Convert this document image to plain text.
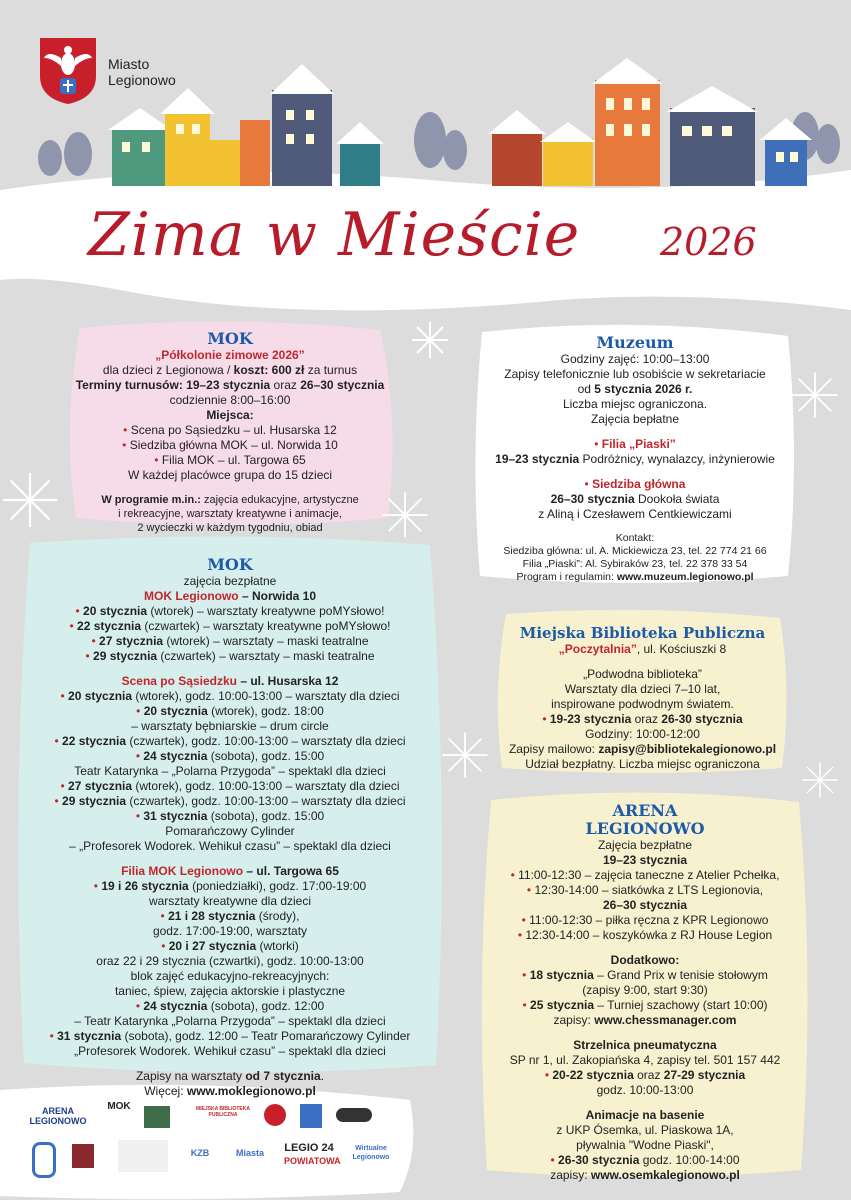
Miasto
Legionowo
Zima w Mieście 2026
MOK
„Półkolonie zimowe 2026”
dla dzieci z Legionowa / koszt: 600 zł za turnus
Terminy turnusów: 19–23 stycznia oraz 26–30 stycznia
codziennie 8:00–16:00
Miejsca:
• Scena po Sąsiedzku – ul. Husarska 12
• Siedziba główna MOK – ul. Norwida 10
• Filia MOK – ul. Targowa 65
W każdej placówce grupa do 15 dzieci
W programie m.in.: zajęcia edukacyjne, artystyczne
i rekreacyjne, warsztaty kreatywne i animacje,
2 wycieczki w każdym tygodniu, obiad
Muzeum
Godziny zajęć: 10:00–13:00
Zapisy telefonicznie lub osobiście w sekretariacie
od 5 stycznia 2026 r.
Liczba miejsc ograniczona.
Zajęcia bepłatne
• Filia „Piaski”
19–23 stycznia Podróżnicy, wynalazcy, inżynierowie
• Siedziba główna
26–30 stycznia Dookoła świata
z Aliną i Czesławem Centkiewiczami
Kontakt:
Siedziba główna: ul. A. Mickiewicza 23, tel. 22 774 21 66
Filia „Piaski”: Al. Sybiraków 23, tel. 22 378 33 54
Program i regulamin: www.muzeum.legionowo.pl
MOK
zajęcia bezpłatne
MOK Legionowo – Norwida 10
• 20 stycznia (wtorek) – warsztaty kreatywne poMYsłowo!
• 22 stycznia (czwartek) – warsztaty kreatywne poMYsłowo!
• 27 stycznia (wtorek) – warsztaty – maski teatralne
• 29 stycznia (czwartek) – warsztaty – maski teatralne
Scena po Sąsiedzku – ul. Husarska 12
• 20 stycznia (wtorek), godz. 10:00-13:00 – warsztaty dla dzieci
• 20 stycznia (wtorek), godz. 18:00
– warsztaty bębniarskie – drum circle
• 22 stycznia (czwartek), godz. 10:00-13:00 – warsztaty dla dzieci
• 24 stycznia (sobota), godz. 15:00
Teatr Katarynka – „Polarna Przygoda” – spektakl dla dzieci
• 27 stycznia (wtorek), godz. 10:00-13:00 – warsztaty dla dzieci
• 29 stycznia (czwartek), godz. 10:00-13:00 – warsztaty dla dzieci
• 31 stycznia (sobota), godz. 15:00
Pomarańczowy Cylinder
– „Profesorek Wodorek. Wehikuł czasu” – spektakl dla dzieci
Filia MOK Legionowo – ul. Targowa 65
• 19 i 26 stycznia (poniedziałki), godz. 17:00-19:00
warsztaty kreatywne dla dzieci
• 21 i 28 stycznia (środy),
godz. 17:00-19:00, warsztaty
• 20 i 27 stycznia (wtorki)
oraz 22 i 29 stycznia (czwartki), godz. 10:00-13:00
blok zajęć edukacyjno-rekreacyjnych:
taniec, śpiew, zajęcia aktorskie i plastyczne
• 24 stycznia (sobota), godz. 12:00
– Teatr Katarynka „Polarna Przygoda” – spektakl dla dzieci
• 31 stycznia (sobota), godz. 12:00 – Teatr Pomarańczowy Cylinder
„Profesorek Wodorek. Wehikuł czasu” – spektakl dla dzieci
Zapisy na warsztaty od 7 stycznia.
Więcej: www.moklegionowo.pl
Miejska Biblioteka Publiczna
„Poczytalnia”, ul. Kościuszki 8
„Podwodna biblioteka”
Warsztaty dla dzieci 7–10 lat,
inspirowane podwodnym światem.
• 19-23 stycznia oraz 26-30 stycznia
Godziny: 10:00-12:00
Zapisy mailowo: zapisy@bibliotekalegionowo.pl
Udział bezpłatny. Liczba miejsc ograniczona
ARENA
LEGIONOWO
Zajęcia bezpłatne
19–23 stycznia
• 11:00-12:30 – zajęcia taneczne z Atelier Pchełka,
• 12:30-14:00 – siatkówka z LTS Legionovia,
26–30 stycznia
• 11:00-12:30 – piłka ręczna z KPR Legionowo
• 12:30-14:00 – koszykówka z RJ House Legion
Dodatkowo:
• 18 stycznia – Grand Prix w tenisie stołowym
(zapisy 9:00, start 9:30)
• 25 stycznia – Turniej szachowy (start 10:00)
zapisy: www.chessmanager.com
Strzelnica pneumatyczna
SP nr 1, ul. Zakopiańska 4, zapisy tel. 501 157 442
• 20-22 stycznia oraz 27-29 stycznia
godz. 10:00-13:00
Animacje na basenie
z UKP Ósemka, ul. Piaskowa 1A,
pływalnia "Wodne Piaski",
• 26-30 stycznia godz. 10:00-14:00
zapisy: www.osemkalegionowo.pl
ARENA
LEGIONOWO
MOK	MIEJSKA BIBLIOTEKA PUBLICZNA
KZB	Miasta	LEGIO 24
POWIATOWA
Wirtualne Legionowo
